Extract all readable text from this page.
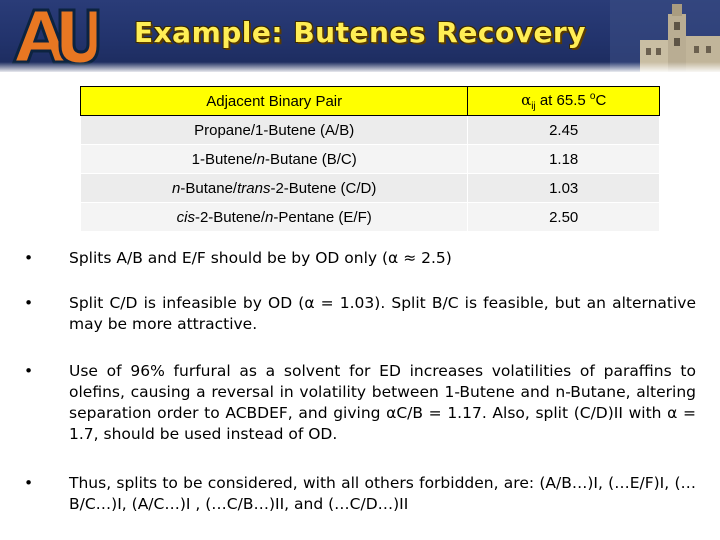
Example: Butenes Recovery
Adjacent Binary Pair	$\alpha_{ij}$ at 65.5 $^o$C
Propane/1-Butene (A/B)	2.45
1-Butene/n-Butane (B/C)	1.18
n-Butane/trans-2-Butene (C/D)	1.03
cis-2-Butene/n-Pentane (E/F)	2.50
• Splits A/B and E/F should be by OD only (α ≈ 2.5)
• Split C/D is infeasible by OD (α = 1.03). Split B/C is feasible, but an alternative may be more attractive.
• Use of 96% furfural as a solvent for ED increases volatilities of paraffins to olefins, causing a reversal in volatility between 1-Butene and n-Butane, altering separation order to ACBDEF, and giving αC/B = 1.17. Also, split (C/D)II with α = 1.7, should be used instead of OD.
• Thus, splits to be considered, with all others forbidden, are: (A/B…)I, (…E/F)I, (…B/C…)I, (A/C…)I , (…C/B…)II, and (…C/D…)II
